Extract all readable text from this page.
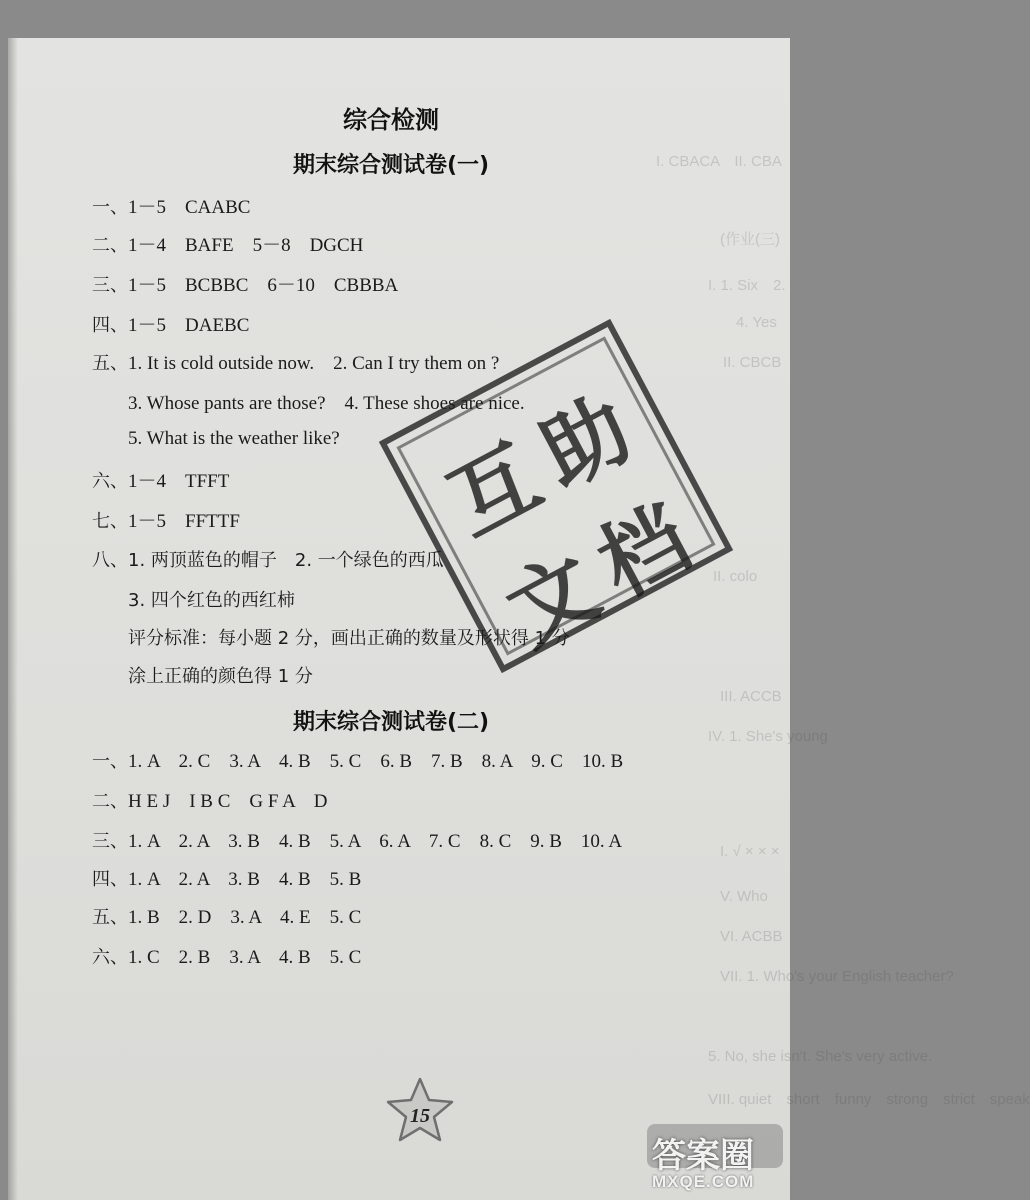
I. CBACA　II. CBA
(作业(三)
I. 1. Six　2.
4. Yes
II. CBCB
II. colo
III. ACCB
IV. 1. She's young
I. √ × × ×
V. Who
VI. ACBB
VII. 1. Who's your English teacher?
5. No, she isn't. She's very active.
VIII. quiet　short　funny　strong　strict　speak
综合检测
期末综合测试卷(一)
一、1－5　CAABC
二、1－4　BAFE　5－8　DGCH
三、1－5　BCBBC　6－10　CBBBA
四、1－5　DAEBC
五、1. It is cold outside now.　2. Can I try them on ?
3. Whose pants are those?　4. These shoes are nice.
5. What is the weather like?
六、1－4　TFFT
七、1－5　FFTTF
八、1. 两顶蓝色的帽子　2. 一个绿色的西瓜
3. 四个红色的西红柿
评分标准：每小题 2 分，画出正确的数量及形状得 1 分
涂上正确的颜色得 1 分
期末综合测试卷(二)
一、1. A　2. C　3. A　4. B　5. C　6. B　7. B　8. A　9. C　10. B
二、H E J　I B C　G F A　D
三、1. A　2. A　3. B　4. B　5. A　6. A　7. C　8. C　9. B　10. A
四、1. A　2. A　3. B　4. B　5. B
五、1. B　2. D　3. A　4. E　5. C
六、1. C　2. B　3. A　4. B　5. C
互
助
文
档
15
答案圈
MXQE.COM
